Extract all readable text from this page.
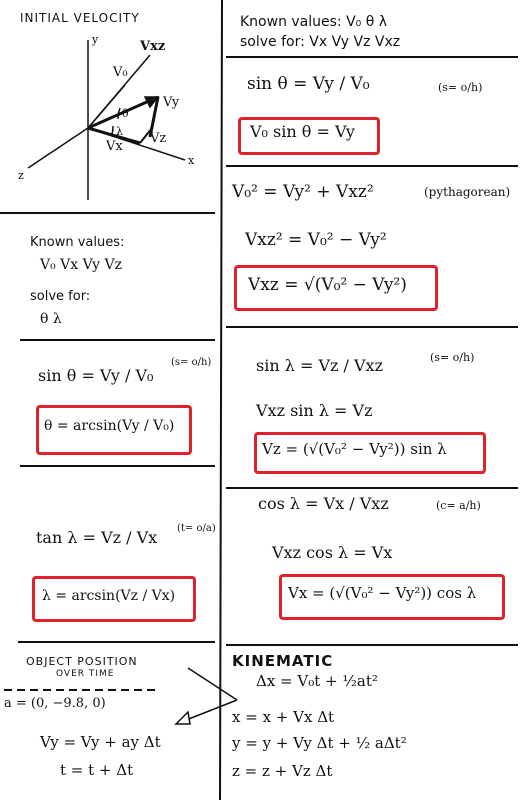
INITIAL VELOCITY
y
x
z
Vxz
V₀
Vy
Vx
Vz
θ
λ
Known values: V₀ θ λ
solve for: Vx Vy Vz Vxz
sin θ = Vy / V₀	(s= o/h)
V₀ sin θ = Vy
V₀² = Vy² + Vxz²	(pythagorean)
Vxz² = V₀² − Vy²
Vxz = √(V₀² − Vy²)
Known values:
V₀ Vx Vy Vz
solve for:
θ λ
sin θ = Vy / V₀
(s= o/h)
θ = arcsin(Vy / V₀)
sin λ = Vz / Vxz	(s= o/h)
Vxz sin λ = Vz
Vz = (√(V₀² − Vy²)) sin λ
tan λ = Vz / Vx (t= o/a)
λ = arcsin(Vz / Vx)
cos λ = Vx / Vxz	(c= a/h)
Vxz cos λ = Vx
Vx = (√(V₀² − Vy²)) cos λ
OBJECT POSITION
OVER TIME
a = (0, −9.8, 0)
Vy = Vy + ay Δt
t = t + Δt
KINEMATIC
Δx = V₀t + ½at²
x = x + Vx Δt
y = y + Vy Δt + ½ aΔt²
z = z + Vz Δt
